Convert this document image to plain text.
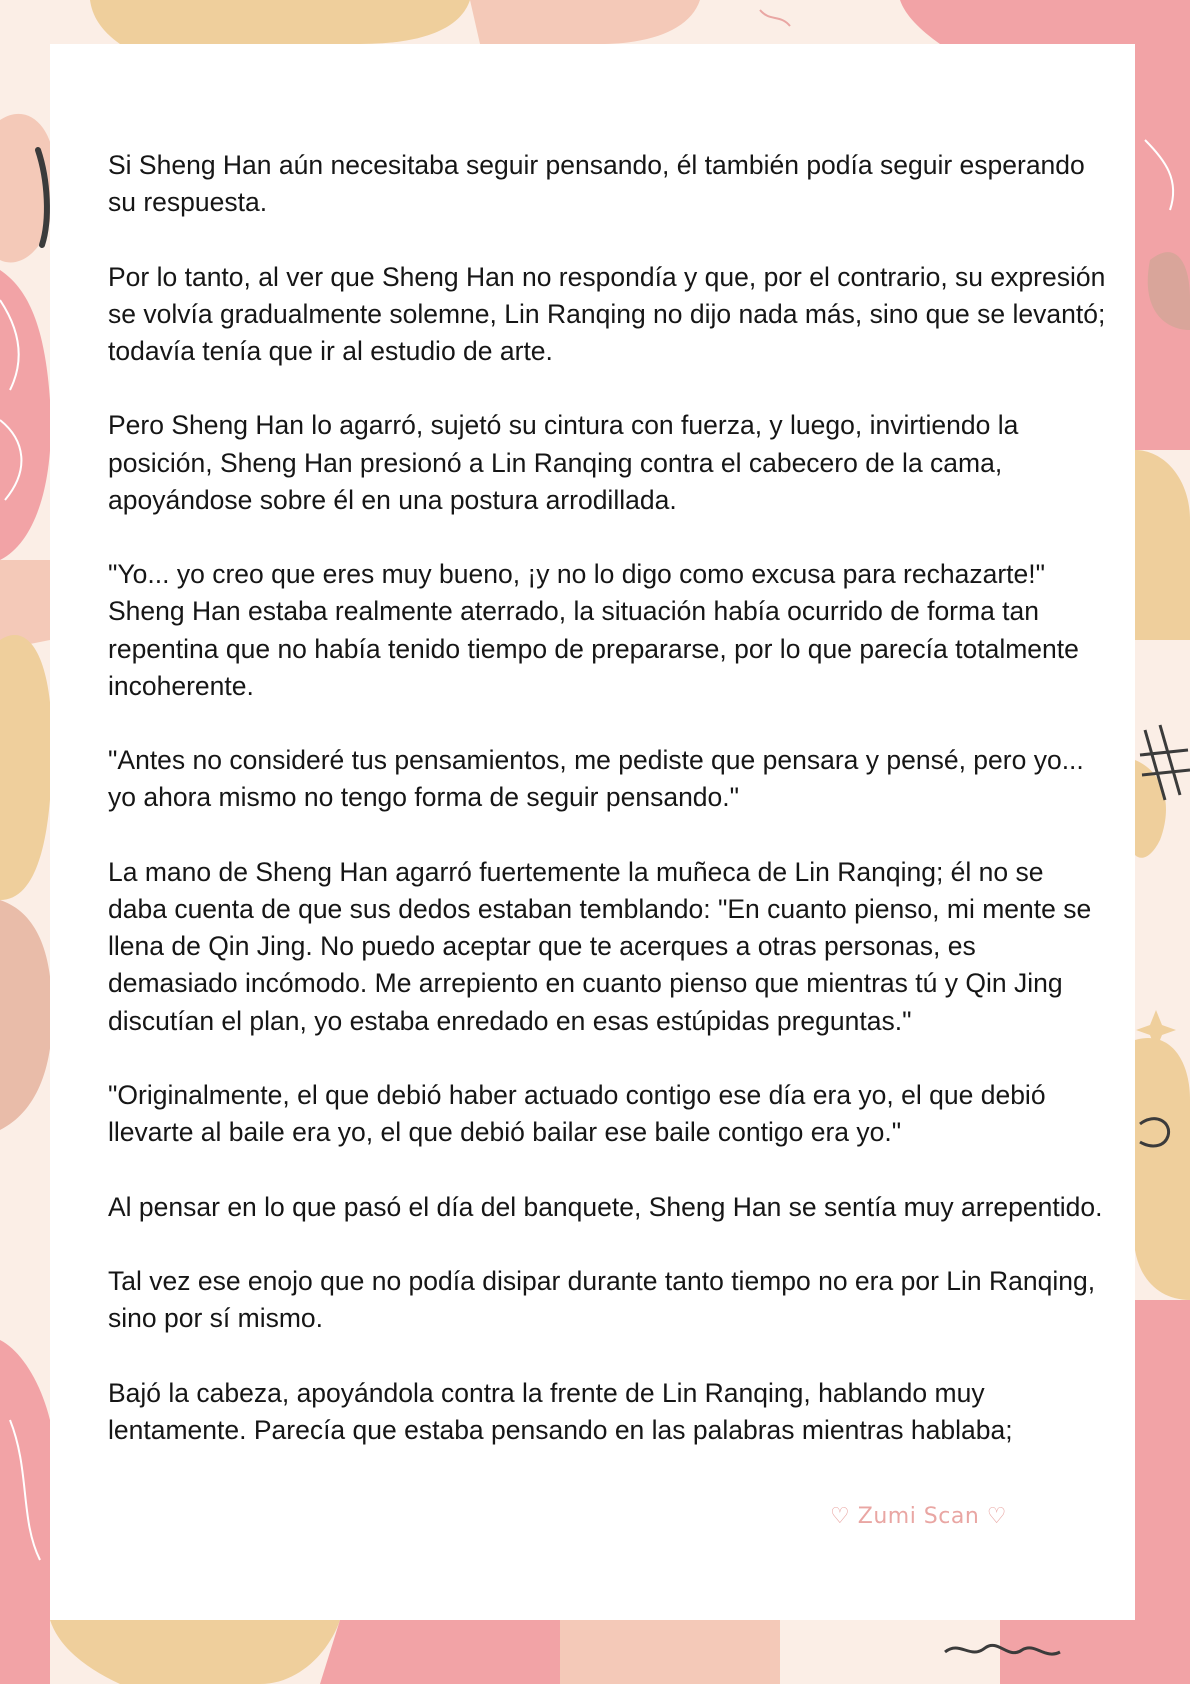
Si Sheng Han aún necesitaba seguir pensando, él también podía seguir esperando su respuesta.

Por lo tanto, al ver que Sheng Han no respondía y que, por el contrario, su expresión se volvía gradualmente solemne, Lin Ranqing no dijo nada más, sino que se levantó; todavía tenía que ir al estudio de arte.

Pero Sheng Han lo agarró, sujetó su cintura con fuerza, y luego, invirtiendo la posición, Sheng Han presionó a Lin Ranqing contra el cabecero de la cama, apoyándose sobre él en una postura arrodillada.

"Yo... yo creo que eres muy bueno, ¡y no lo digo como excusa para rechazarte!" Sheng Han estaba realmente aterrado, la situación había ocurrido de forma tan repentina que no había tenido tiempo de prepararse, por lo que parecía totalmente incoherente.

"Antes no consideré tus pensamientos, me pediste que pensara y pensé, pero yo... yo ahora mismo no tengo forma de seguir pensando."

La mano de Sheng Han agarró fuertemente la muñeca de Lin Ranqing; él no se daba cuenta de que sus dedos estaban temblando: "En cuanto pienso, mi mente se llena de Qin Jing. No puedo aceptar que te acerques a otras personas, es demasiado incómodo. Me arrepiento en cuanto pienso que mientras tú y Qin Jing discutían el plan, yo estaba enredado en esas estúpidas preguntas."

"Originalmente, el que debió haber actuado contigo ese día era yo, el que debió llevarte al baile era yo, el que debió bailar ese baile contigo era yo."

Al pensar en lo que pasó el día del banquete, Sheng Han se sentía muy arrepentido.

Tal vez ese enojo que no podía disipar durante tanto tiempo no era por Lin Ranqing, sino por sí mismo.

Bajó la cabeza, apoyándola contra la frente de Lin Ranqing, hablando muy lentamente. Parecía que estaba pensando en las palabras mientras hablaba;

♡ Zumi Scan ♡
